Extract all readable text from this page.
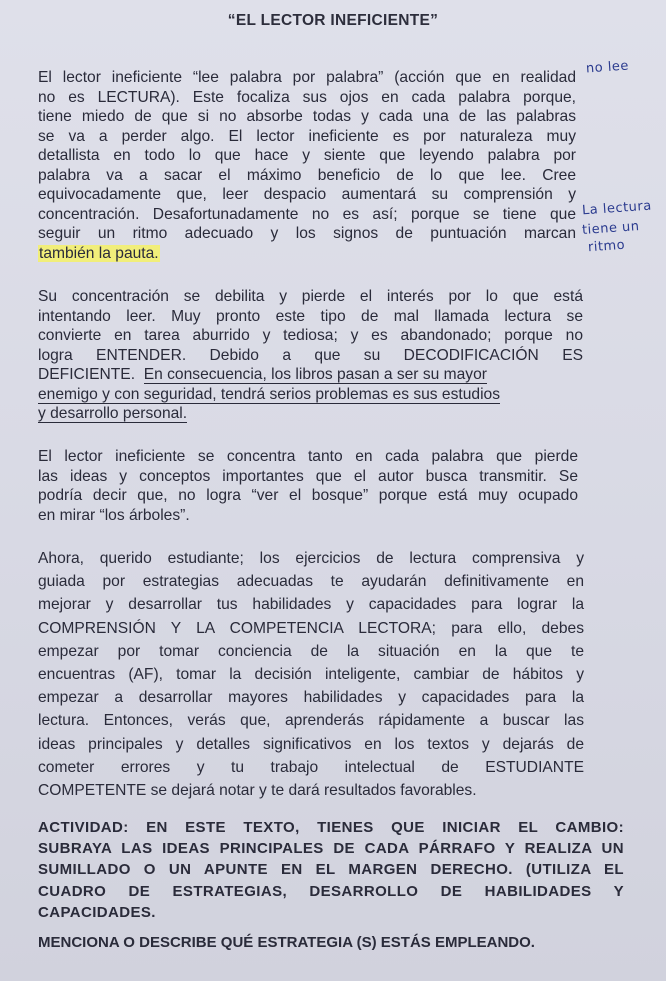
“EL LECTOR INEFICIENTE”
El lector ineficiente “lee palabra por palabra” (acción que en realidad
no es LECTURA). Este focaliza sus ojos en cada palabra porque,
tiene miedo de que si no absorbe todas y cada una de las palabras
se va a perder algo. El lector ineficiente es por naturaleza muy
detallista en todo lo que hace y siente que leyendo palabra por
palabra va a sacar el máximo beneficio de lo que lee. Cree
equivocadamente que, leer despacio aumentará su comprensión y
concentración. Desafortunadamente no es así; porque se tiene que
seguir un ritmo adecuado y los signos de puntuación marcan
también la pauta.
no lee
La lectura
tiene un
ritmo
Su concentración se debilita y pierde el interés por lo que está
intentando leer. Muy pronto este tipo de mal llamada lectura se
convierte en tarea aburrido y tediosa; y es abandonado; porque no
logra ENTENDER. Debido a que su DECODIFICACIÓN ES
DEFICIENTE. En consecuencia, los libros pasan a ser su mayor
enemigo y con seguridad, tendrá serios problemas es sus estudios
y desarrollo personal.
El lector ineficiente se concentra tanto en cada palabra que pierde
las ideas y conceptos importantes que el autor busca transmitir. Se
podría decir que, no logra “ver el bosque” porque está muy ocupado
en mirar “los árboles”.
Ahora, querido estudiante; los ejercicios de lectura comprensiva y
guiada por estrategias adecuadas te ayudarán definitivamente en
mejorar y desarrollar tus habilidades y capacidades para lograr la
COMPRENSIÓN Y LA COMPETENCIA LECTORA; para ello, debes
empezar por tomar conciencia de la situación en la que te
encuentras (AF), tomar la decisión inteligente, cambiar de hábitos y
empezar a desarrollar mayores habilidades y capacidades para la
lectura. Entonces, verás que, aprenderás rápidamente a buscar las
ideas principales y detalles significativos en los textos y dejarás de
cometer errores y tu trabajo intelectual de ESTUDIANTE
COMPETENTE se dejará notar y te dará resultados favorables.
ACTIVIDAD: EN ESTE TEXTO, TIENES QUE INICIAR EL CAMBIO:
SUBRAYA LAS IDEAS PRINCIPALES DE CADA PÁRRAFO Y REALIZA UN
SUMILLADO O UN APUNTE EN EL MARGEN DERECHO. (UTILIZA EL
CUADRO DE ESTRATEGIAS, DESARROLLO DE HABILIDADES Y
CAPACIDADES.
MENCIONA O DESCRIBE QUÉ ESTRATEGIA (S) ESTÁS EMPLEANDO.
